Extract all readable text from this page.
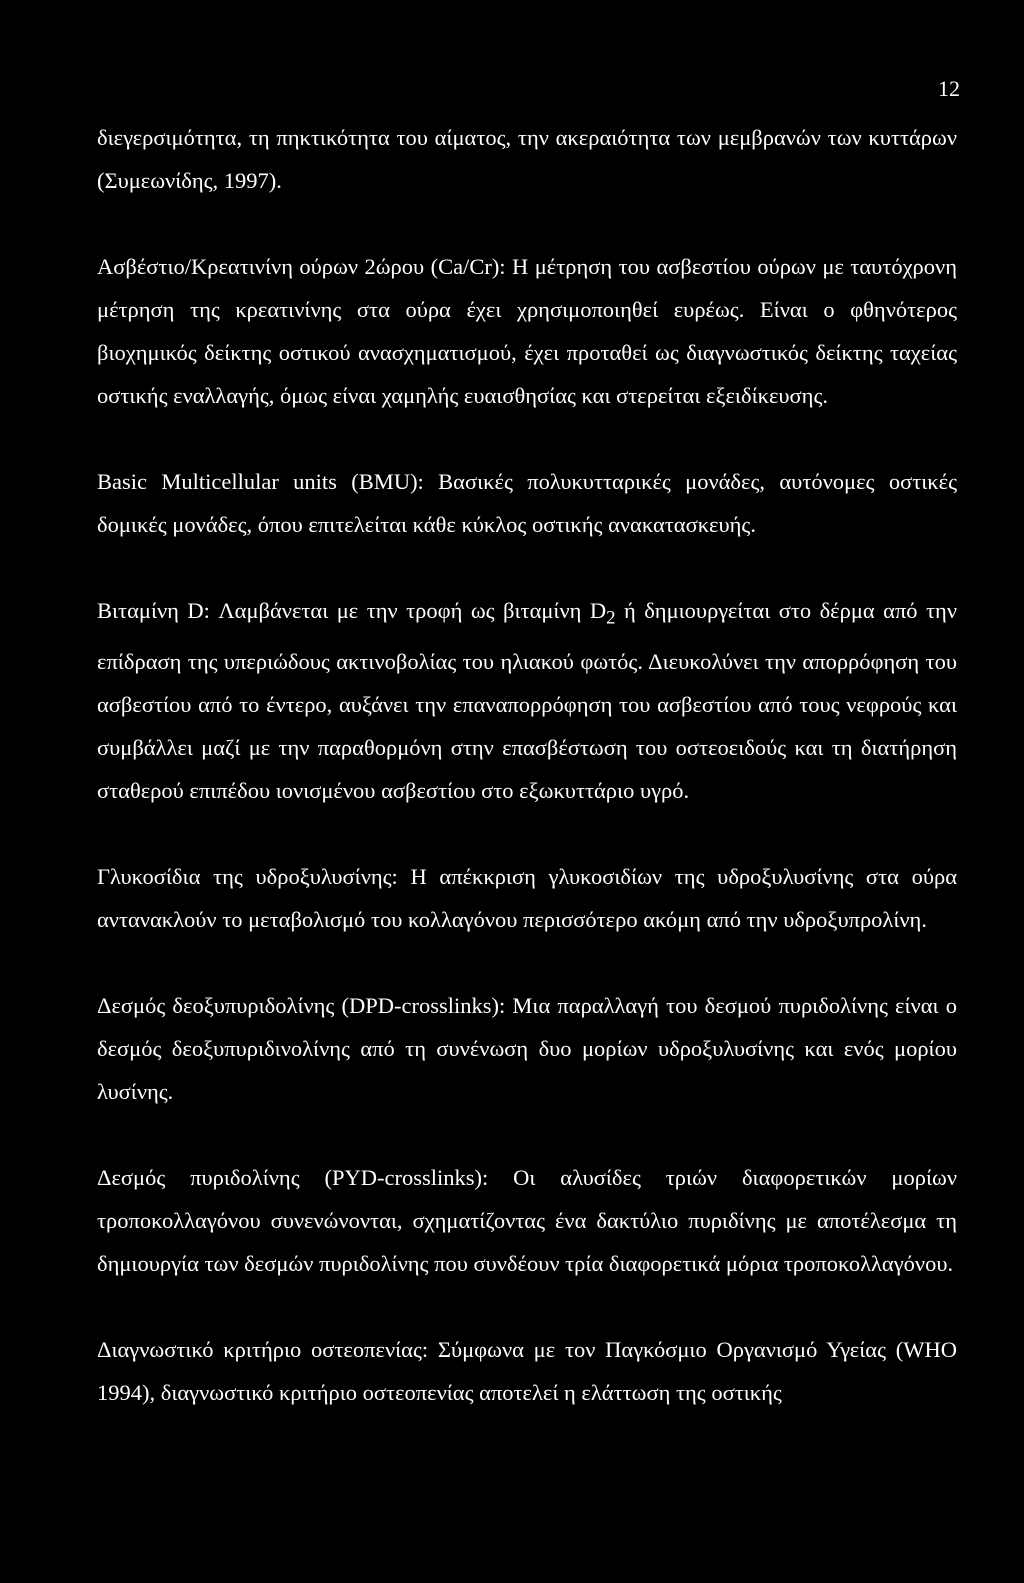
12

διεγερσιμότητα, τη πηκτικότητα του αίματος, την ακεραιότητα των μεμβρανών των κυττάρων (Συμεωνίδης, 1997).

Ασβέστιο/Κρεατινίνη ούρων 2ώρου (Ca/Cr): Η μέτρηση του ασβεστίου ούρων με ταυτόχρονη μέτρηση της κρεατινίνης στα ούρα έχει χρησιμοποιηθεί ευρέως. Είναι ο φθηνότερος βιοχημικός δείκτης οστικού ανασχηματισμού, έχει προταθεί ως διαγνωστικός δείκτης ταχείας οστικής εναλλαγής, όμως είναι χαμηλής ευαισθησίας και στερείται εξειδίκευσης.

Basic Multicellular units (BMU): Βασικές πολυκυτταρικές μονάδες, αυτόνομες οστικές δομικές μονάδες, όπου επιτελείται κάθε κύκλος οστικής ανακατασκευής.

Βιταμίνη D: Λαμβάνεται με την τροφή ως βιταμίνη $D_2$ ή δημιουργείται στο δέρμα από την επίδραση της υπεριώδους ακτινοβολίας του ηλιακού φωτός. Διευκολύνει την απορρόφηση του ασβεστίου από το έντερο, αυξάνει την επαναπορρόφηση του ασβεστίου από τους νεφρούς και συμβάλλει μαζί με την παραθορμόνη στην επασβέστωση του οστεοειδούς και τη διατήρηση σταθερού επιπέδου ιονισμένου ασβεστίου στο εξωκυττάριο υγρό.

Γλυκοσίδια της υδροξυλυσίνης: Η απέκκριση γλυκοσιδίων της υδροξυλυσίνης στα ούρα αντανακλούν το μεταβολισμό του κολλαγόνου περισσότερο ακόμη από την υδροξυπρολίνη.

Δεσμός δεοξυπυριδολίνης (DPD-crosslinks): Μια παραλλαγή του δεσμού πυριδολίνης είναι ο δεσμός δεοξυπυριδινολίνης από τη συνένωση δυο μορίων υδροξυλυσίνης και ενός μορίου λυσίνης.

Δεσμός πυριδολίνης (PYD-crosslinks): Οι αλυσίδες τριών διαφορετικών μορίων τροποκολλαγόνου συνενώνονται, σχηματίζοντας ένα δακτύλιο πυριδίνης με αποτέλεσμα τη δημιουργία των δεσμών πυριδολίνης που συνδέουν τρία διαφορετικά μόρια τροποκολλαγόνου.

Διαγνωστικό κριτήριο οστεοπενίας: Σύμφωνα με τον Παγκόσμιο Οργανισμό Υγείας (WHO 1994), διαγνωστικό κριτήριο οστεοπενίας αποτελεί η ελάττωση της οστικής
